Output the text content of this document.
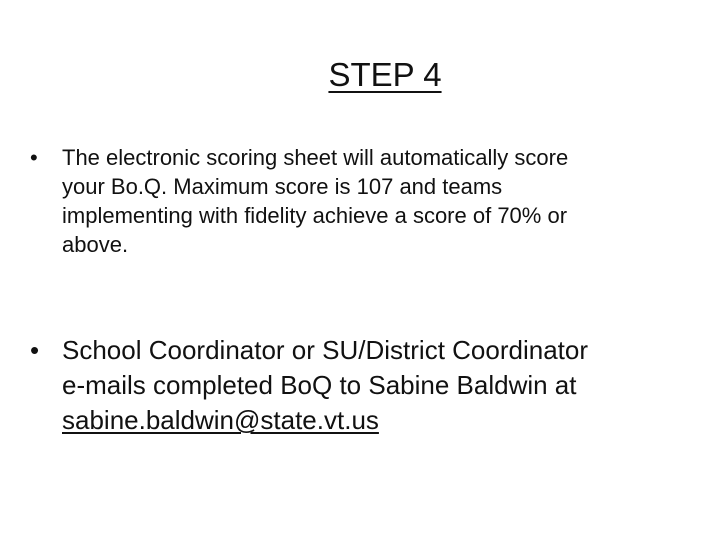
STEP 4
•	The electronic scoring sheet will automatically score
your Bo.Q. Maximum score is 107 and teams
implementing with fidelity achieve a score of 70% or
above.
• School Coordinator or SU/District Coordinator
e-mails completed BoQ to Sabine Baldwin at
sabine.baldwin@state.vt.us
